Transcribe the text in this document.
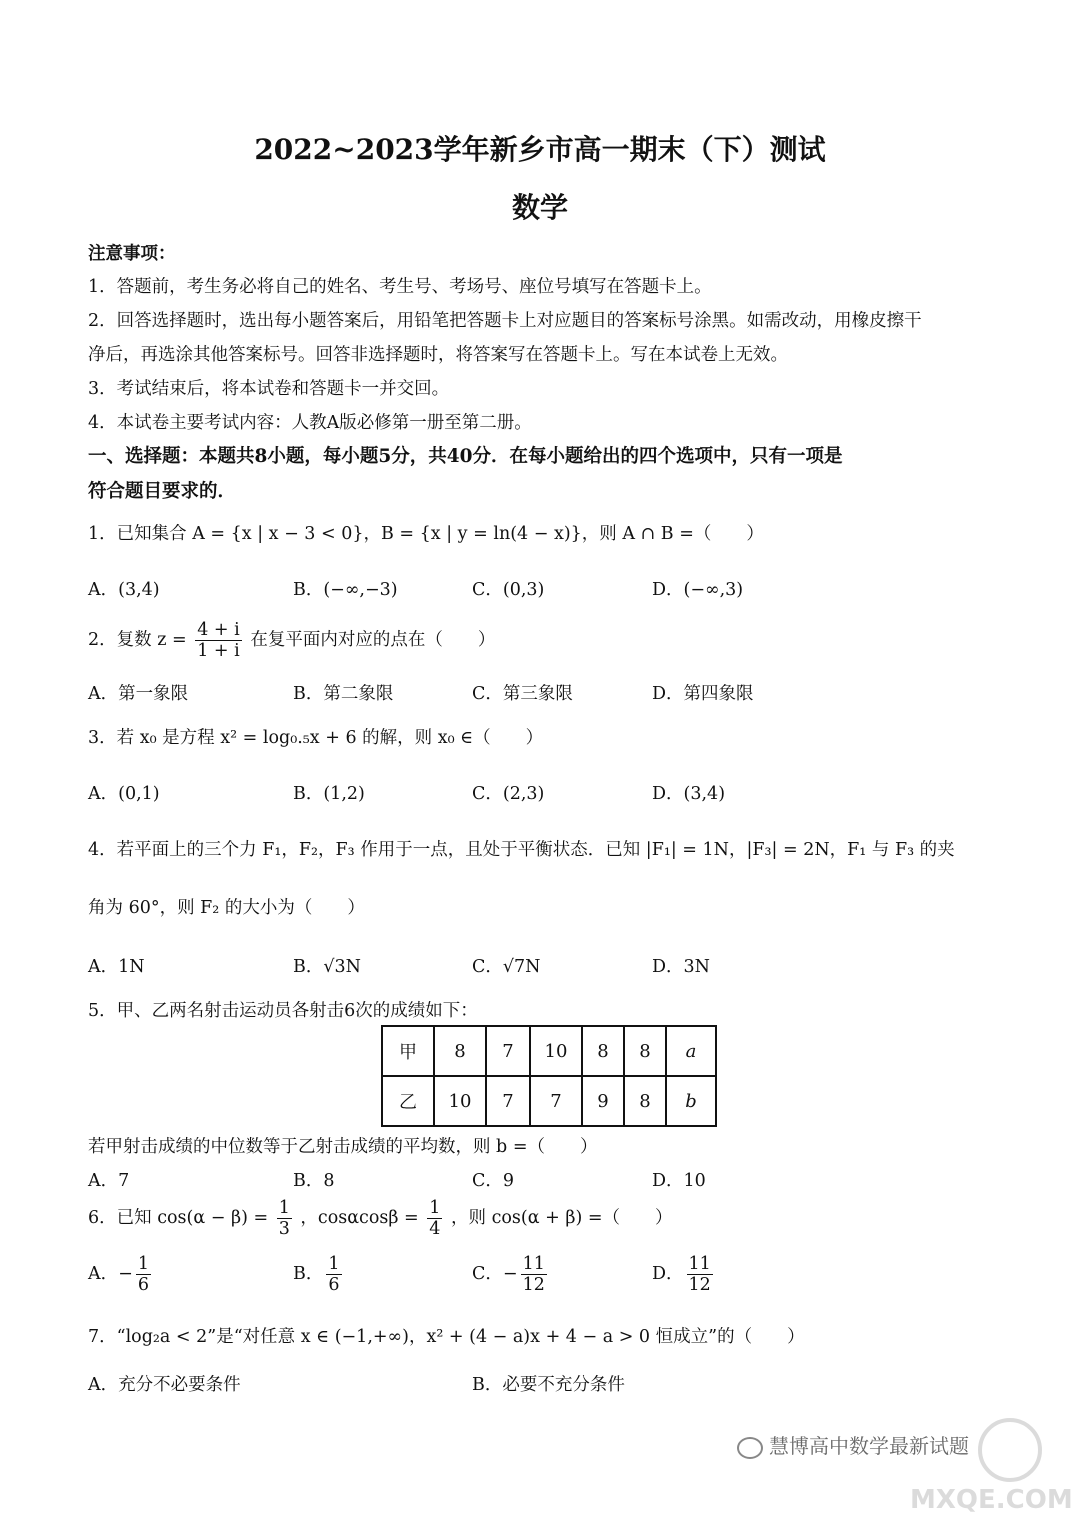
2022~2023学年新乡市高一期末（下）测试
数学
注意事项：
1．答题前，考生务必将自己的姓名、考生号、考场号、座位号填写在答题卡上。
2．回答选择题时，选出每小题答案后，用铅笔把答题卡上对应题目的答案标号涂黑。如需改动，用橡皮擦干
净后，再选涂其他答案标号。回答非选择题时，将答案写在答题卡上。写在本试卷上无效。
3．考试结束后，将本试卷和答题卡一并交回。
4．本试卷主要考试内容：人教A版必修第一册至第二册。
一、选择题：本题共8小题，每小题5分，共40分．在每小题给出的四个选项中，只有一项是
符合题目要求的．
1．已知集合 A = {x | x − 3 < 0}，B = {x | y = ln(4 − x)}，则 A ∩ B =（　　）
A．(3,4)	B．(−∞,−3)	C．(0,3)	D．(−∞,3)
2．复数 $z = \frac{4 + i}{1 + i}$ 在复平面内对应的点在（　　）
A．第一象限	B．第二象限	C．第三象限	D．第四象限
3．若 x₀ 是方程 x² = log₀.₅x + 6 的解，则 x₀ ∈（　　）
A．(0,1)	B．(1,2)	C．(2,3)	D．(3,4)
4．若平面上的三个力 F₁，F₂，F₃ 作用于一点，且处于平衡状态．已知 |F₁| = 1N，|F₃| = 2N，F₁ 与 F₃ 的夹
角为 60°，则 F₂ 的大小为（　　）
A．1N	B．√3N	C．√7N	D．3N
5．甲、乙两名射击运动员各射击6次的成绩如下：
甲	8	7	10	8	8	a
乙	10	7	7	9	8	b
若甲射击成绩的中位数等于乙射击成绩的平均数，则 b =（　　）
A．7	B．8	C．9	D．10
6．已知 $\cos(\alpha - \beta) = \frac{1}{3}$ ，$\cos\alpha\cos\beta = \frac{1}{4}$ ，则 cos(α + β) =（　　）
A．− $\frac{1}{6}$	B． $\frac{1}{6}$	C．− $\frac{11}{12}$	D． $\frac{11}{12}$
7．“log₂a < 2”是“对任意 x ∈ (−1,+∞)，x² + (4 − a)x + 4 − a > 0 恒成立”的（　　）
A．充分不必要条件	B．必要不充分条件
慧博高中数学最新试题
MXQE.COM
